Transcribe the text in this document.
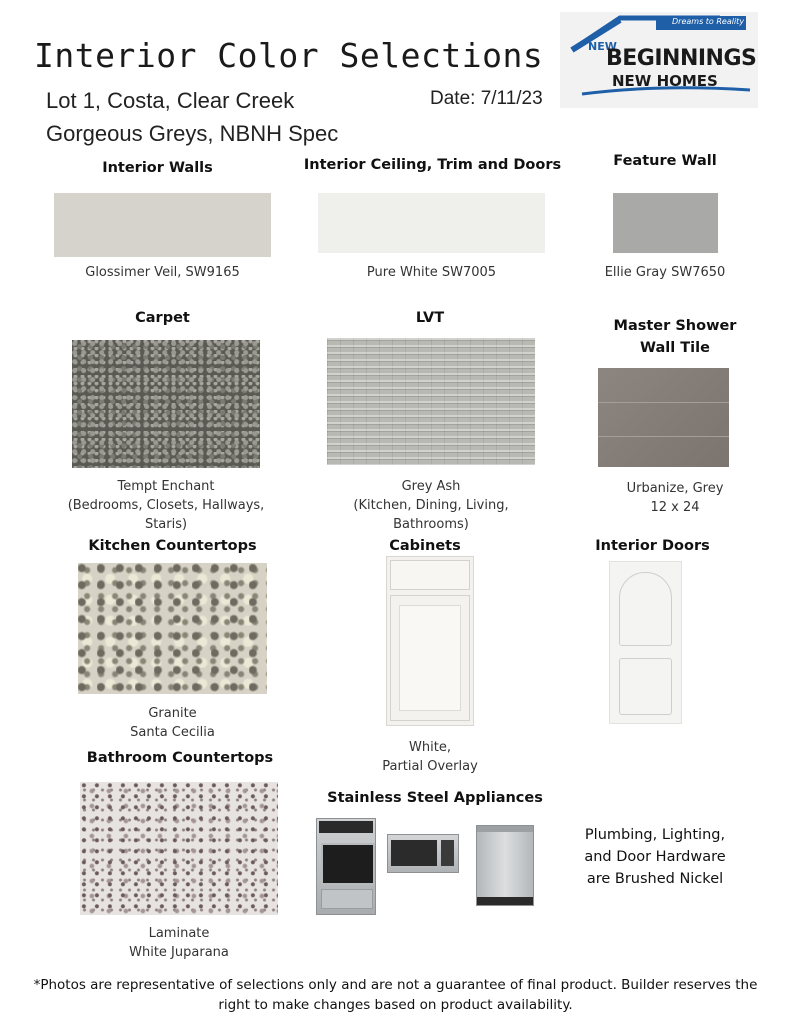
Interior Color Selections
Lot 1, Costa, Clear Creek
Gorgeous Greys, NBNH Spec
Date: 7/11/23
Dreams to Reality
NEW
BEGINNINGS
NEW HOMES
Interior Walls
Glossimer Veil, SW9165
Interior Ceiling, Trim and Doors
Pure White SW7005
Feature Wall
Ellie Gray SW7650
Carpet
Tempt Enchant
(Bedrooms, Closets, Hallways,
Staris)
LVT
Grey Ash
(Kitchen, Dining, Living,
Bathrooms)
Master Shower
Wall Tile
Urbanize, Grey
12 x 24
Kitchen Countertops
Granite
Santa Cecilia
Cabinets
White,
Partial Overlay
Interior Doors
Bathroom Countertops
Laminate
White Juparana
Stainless Steel Appliances
Plumbing, Lighting,
and Door Hardware
are Brushed Nickel
*Photos are representative of selections only and are not a guarantee of final product. Builder reserves the
right to make changes based on product availability.
